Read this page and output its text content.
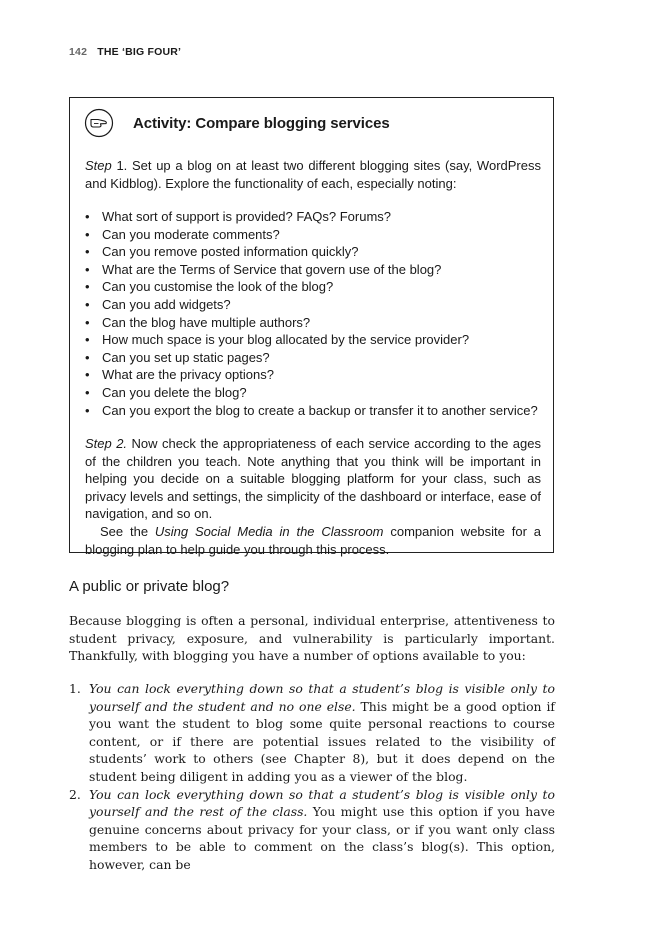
142 THE ‘BIG FOUR’
Activity: Compare blogging services
Step 1. Set up a blog on at least two different blogging sites (say, WordPress and Kidblog). Explore the functionality of each, especially noting:
• What sort of support is provided? FAQs? Forums?
• Can you moderate comments?
• Can you remove posted information quickly?
• What are the Terms of Service that govern use of the blog?
• Can you customise the look of the blog?
• Can you add widgets?
• Can the blog have multiple authors?
• How much space is your blog allocated by the service provider?
• Can you set up static pages?
• What are the privacy options?
• Can you delete the blog?
• Can you export the blog to create a backup or transfer it to another service?

Step 2. Now check the appropriateness of each service according to the ages of the children you teach. Note anything that you think will be important in helping you decide on a suitable blogging platform for your class, such as privacy levels and settings, the simplicity of the dashboard or interface, ease of navigation, and so on.

See the Using Social Media in the Classroom companion website for a blogging plan to help guide you through this process.

A public or private blog?

Because blogging is often a personal, individual enterprise, attentiveness to student privacy, exposure, and vulnerability is particularly important. Thankfully, with blogging you have a number of options available to you:

1. You can lock everything down so that a student’s blog is visible only to yourself and the student and no one else. This might be a good option if you want the student to blog some quite personal reactions to course content, or if there are potential issues related to the visibility of students’ work to others (see Chapter 8), but it does depend on the student being diligent in adding you as a viewer of the blog.
2. You can lock everything down so that a student’s blog is visible only to yourself and the rest of the class. You might use this option if you have genuine concerns about privacy for your class, or if you want only class members to be able to comment on the class’s blog(s). This option, however, can be
